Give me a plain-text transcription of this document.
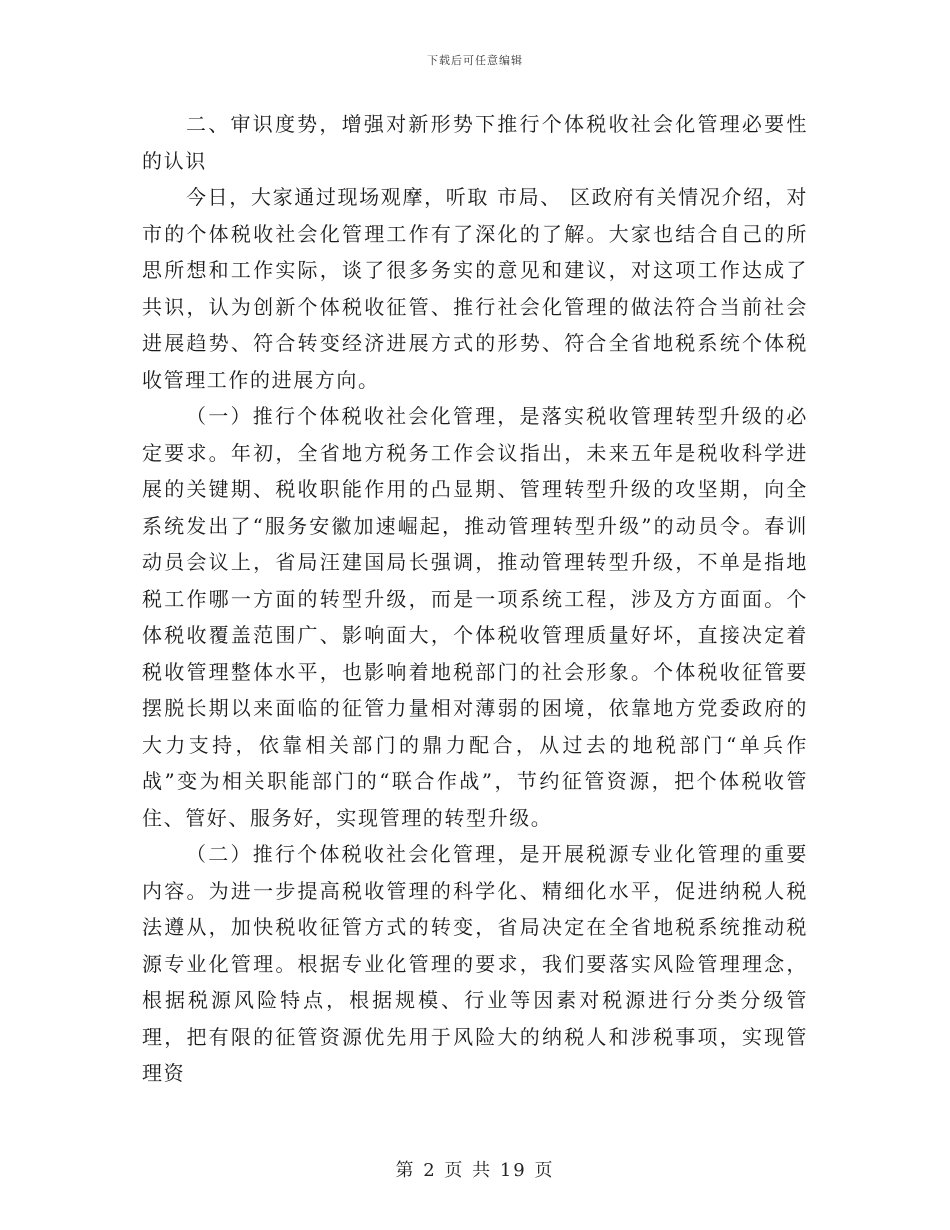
下载后可任意编辑

二、审识度势，增强对新形势下推行个体税收社会化管理必要性的认识

今日，大家通过现场观摩，听取 市局、 区政府有关情况介绍，对 市的个体税收社会化管理工作有了深化的了解。大家也结合自己的所思所想和工作实际，谈了很多务实的意见和建议，对这项工作达成了共识，认为创新个体税收征管、推行社会化管理的做法符合当前社会进展趋势、符合转变经济进展方式的形势、符合全省地税系统个体税收管理工作的进展方向。

（一）推行个体税收社会化管理，是落实税收管理转型升级的必定要求。年初，全省地方税务工作会议指出，未来五年是税收科学进展的关键期、税收职能作用的凸显期、管理转型升级的攻坚期，向全系统发出了“服务安徽加速崛起，推动管理转型升级”的动员令。春训动员会议上，省局汪建国局长强调，推动管理转型升级，不单是指地税工作哪一方面的转型升级，而是一项系统工程，涉及方方面面。个体税收覆盖范围广、影响面大，个体税收管理质量好坏，直接决定着税收管理整体水平，也影响着地税部门的社会形象。个体税收征管要摆脱长期以来面临的征管力量相对薄弱的困境，依靠地方党委政府的大力支持，依靠相关部门的鼎力配合，从过去的地税部门“单兵作战”变为相关职能部门的“联合作战”，节约征管资源，把个体税收管住、管好、服务好，实现管理的转型升级。

（二）推行个体税收社会化管理，是开展税源专业化管理的重要内容。为进一步提高税收管理的科学化、精细化水平，促进纳税人税法遵从，加快税收征管方式的转变，省局决定在全省地税系统推动税源专业化管理。根据专业化管理的要求，我们要落实风险管理理念，根据税源风险特点，根据规模、行业等因素对税源进行分类分级管理，把有限的征管资源优先用于风险大的纳税人和涉税事项，实现管理资

第 2 页 共 19 页
